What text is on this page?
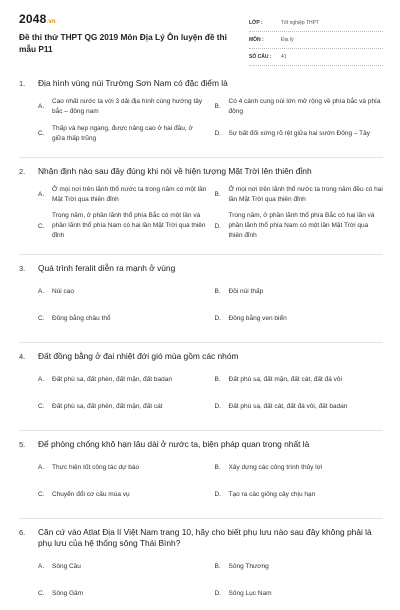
2048.vn
Đề thi thử THPT QG 2019 Môn Địa Lý Ôn luyện đề thi mẫu P11
LỚP :	Tốt nghiệp THPT
MÔN :	Địa lý
SỐ CÂU :	41
1.	Địa hình vùng núi Trường Sơn Nam có đặc điểm là
A.
Cao nhất nước ta với 3 dải địa hình cùng hướng tây bắc – đông nam
B.
Có 4 cánh cung núi lớn mở rộng về phía bắc và phía đông
C.
Thấp và hẹp ngang, được nâng cao ở hai đầu, ở giữa thấp trũng
D.	Sự bất đối xứng rõ rệt giữa hai sườn Đông – Tây
2.	Nhận định nào sau đây đúng khi nói về hiện tượng Mặt Trời lên thiên đỉnh
A.
Ở mọi nơi trên lãnh thổ nước ta trong năm có một lần Mặt Trời qua thiên đỉnh
B.
Ở mọi nơi trên lãnh thổ nước ta trong năm đều có hai lần Mặt Trời qua thiên đỉnh
C.
Trong năm, ở phần lãnh thổ phía Bắc có một lần và phần lãnh thổ phía Nam có hai lần Mặt Trời qua thiên đỉnh
D.
Trong năm, ở phần lãnh thổ phía Bắc có hai lần và phần lãnh thổ phía Nam có một lần Mặt Trời qua thiên đỉnh
3.	Quá trình feralit diễn ra mạnh ở vùng
A.	Núi cao	B.	Đồi núi thấp
C.	Đồng bằng châu thổ	D.	Đồng bằng ven biển
4.	Đất đồng bằng ở đai nhiệt đới gió mùa gồm các nhóm
A.	Đất phù sa, đất phèn, đất mặn, đất badan	B.	Đất phù sa, đất mặn, đất cát, đất đá vôi
C.	Đất phù sa, đất phèn, đất mặn, đất cát	D.	Đất phù sa, đất cát, đất đá vôi, đất badan
5.	Để phòng chống khô hạn lâu dài ở nước ta, biện pháp quan trọng nhất là
A.	Thực hiện tốt công tác dự báo	B.	Xây dựng các công trình thủy lợi
C.	Chuyển đổi cơ cấu mùa vụ	D.	Tạo ra các giống cây chịu hạn
6.	Căn cứ vào Atlat Địa lí Việt Nam trang 10, hãy cho biết phụ lưu nào sau đây không phải là phụ lưu của hệ thống sông Thái Bình?
A.	Sông Cầu	B.	Sông Thương
C.	Sông Gâm	D.	Sông Lục Nam
